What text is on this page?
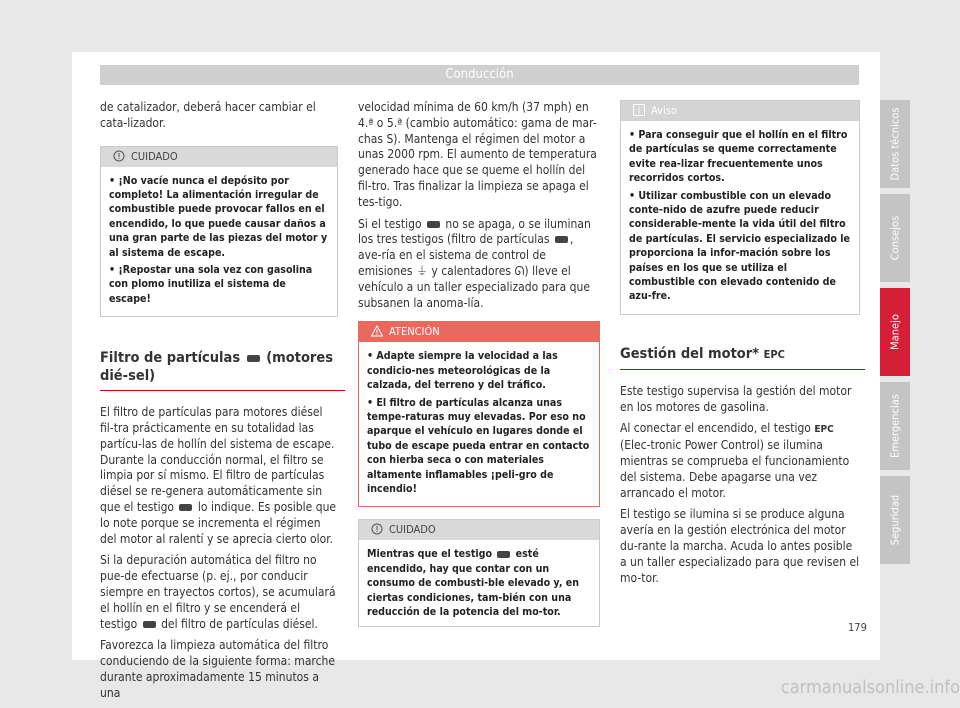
Conducción

de catalizador, deberá hacer cambiar el cata-lizador.

CUIDADO
• ¡No vacíe nunca el depósito por completo! La alimentación irregular de combustible puede provocar fallos en el encendido, lo que puede causar daños a una gran parte de las piezas del motor y al sistema de escape.
• ¡Repostar una sola vez con gasolina con plomo inutiliza el sistema de escape!
Filtro de partículas (motores dié-sel)

El filtro de partículas para motores diésel fil-tra prácticamente en su totalidad las partícu-las de hollín del sistema de escape. Durante la conducción normal, el filtro se limpia por sí mismo. El filtro de partículas diésel se re-genera automáticamente sin que el testigo lo indique. Es posible que lo note porque se incrementa el régimen del motor al ralentí y se aprecia cierto olor.

Si la depuración automática del filtro no pue-de efectuarse (p. ej., por conducir siempre en trayectos cortos), se acumulará el hollín en el filtro y se encenderá el testigo del filtro de partículas diésel.

Favorezca la limpieza automática del filtro conduciendo de la siguiente forma: marche durante aproximadamente 15 minutos a una

velocidad mínima de 60 km/h (37 mph) en 4.ª o 5.ª (cambio automático: gama de mar-chas S). Mantenga el régimen del motor a unas 2000 rpm. El aumento de temperatura generado hace que se queme el hollín del fil-tro. Tras finalizar la limpieza se apaga el tes-tigo.

Si el testigo no se apaga, o se iluminan los tres testigos (filtro de partículas , ave-ría en el sistema de control de emisiones ⏚ y calentadores ᘏ) lleve el vehículo a un taller especializado para que subsanen la anoma-lía.

ATENCIÓN
• Adapte siempre la velocidad a las condicio-nes meteorológicas de la calzada, del terreno y del tráfico.
• El filtro de partículas alcanza unas tempe-raturas muy elevadas. Por eso no aparque el vehículo en lugares donde el tubo de escape pueda entrar en contacto con hierba seca o con materiales altamente inflamables ¡peli-gro de incendio!
CUIDADO
Mientras que el testigo esté encendido, hay que contar con un consumo de combusti-ble elevado y, en ciertas condiciones, tam-bién con una reducción de la potencia del mo-tor.
Aviso
• Para conseguir que el hollín en el filtro de partículas se queme correctamente evite rea-lizar frecuentemente unos recorridos cortos.
• Utilizar combustible con un elevado conte-nido de azufre puede reducir considerable-mente la vida útil del filtro de partículas. El servicio especializado le proporciona la infor-mación sobre los países en los que se utiliza el combustible con elevado contenido de azu-fre.
Gestión del motor* EPC

Este testigo supervisa la gestión del motor en los motores de gasolina.

Al conectar el encendido, el testigo EPC (Elec-tronic Power Control) se ilumina mientras se comprueba el funcionamiento del sistema. Debe apagarse una vez arrancado el motor.

El testigo se ilumina si se produce alguna avería en la gestión electrónica del motor du-rante la marcha. Acuda lo antes posible a un taller especializado para que revisen el mo-tor.

Datos técnicos
Consejos
Manejo
Emergencias
Seguridad
179
carmanualsonline.info
